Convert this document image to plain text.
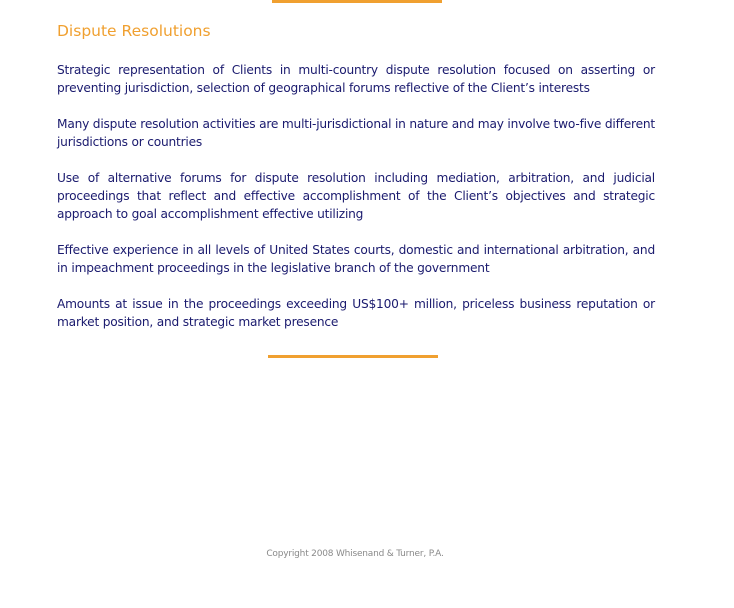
Dispute Resolutions

Strategic representation of Clients in multi-country dispute resolution focused on asserting or preventing jurisdiction, selection of geographical forums reflective of the Client’s interests

Many dispute resolution activities are multi-jurisdictional in nature and may involve two-five different jurisdictions or countries

Use of alternative forums for dispute resolution including mediation, arbitration, and judicial proceedings that reflect and effective accomplishment of the Client’s objectives and strategic approach to goal accomplishment effective utilizing

Effective experience in all levels of United States courts, domestic and international arbitration, and in impeachment proceedings in the legislative branch of the government

Amounts at issue in the proceedings exceeding US$100+ million, priceless business reputation or market position, and strategic market presence

Copyright 2008 Whisenand & Turner, P.A.
